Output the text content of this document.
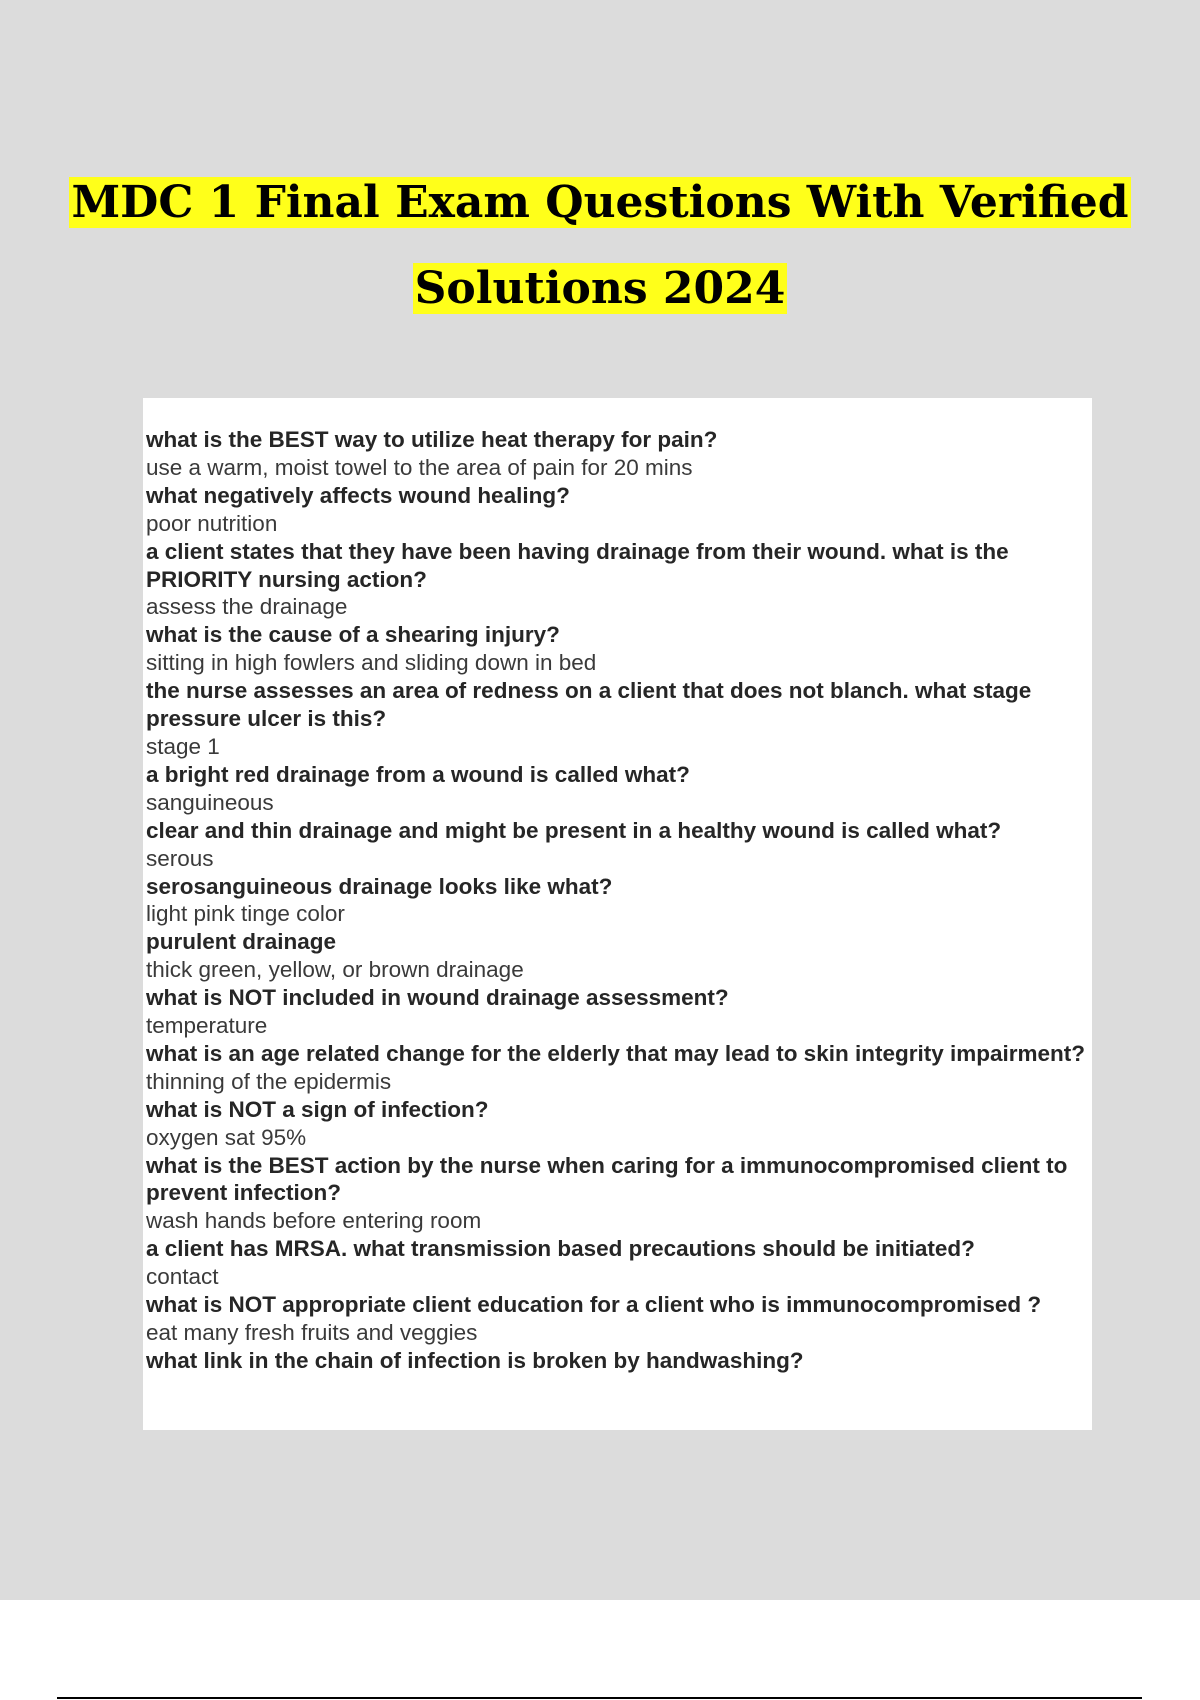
MDC 1 Final Exam Questions With Verified
Solutions 2024
what is the BEST way to utilize heat therapy for pain?
use a warm, moist towel to the area of pain for 20 mins
what negatively affects wound healing?
poor nutrition
a client states that they have been having drainage from their wound. what is the PRIORITY nursing action?
assess the drainage
what is the cause of a shearing injury?
sitting in high fowlers and sliding down in bed
the nurse assesses an area of redness on a client that does not blanch. what stage pressure ulcer is this?
stage 1
a bright red drainage from a wound is called what?
sanguineous
clear and thin drainage and might be present in a healthy wound is called what?
serous
serosanguineous drainage looks like what?
light pink tinge color
purulent drainage
thick green, yellow, or brown drainage
what is NOT included in wound drainage assessment?
temperature
what is an age related change for the elderly that may lead to skin integrity impairment?
thinning of the epidermis
what is NOT a sign of infection?
oxygen sat 95%
what is the BEST action by the nurse when caring for a immunocompromised client to prevent infection?
wash hands before entering room
a client has MRSA. what transmission based precautions should be initiated?
contact
what is NOT appropriate client education for a client who is immunocompromised ?
eat many fresh fruits and veggies
what link in the chain of infection is broken by handwashing?
